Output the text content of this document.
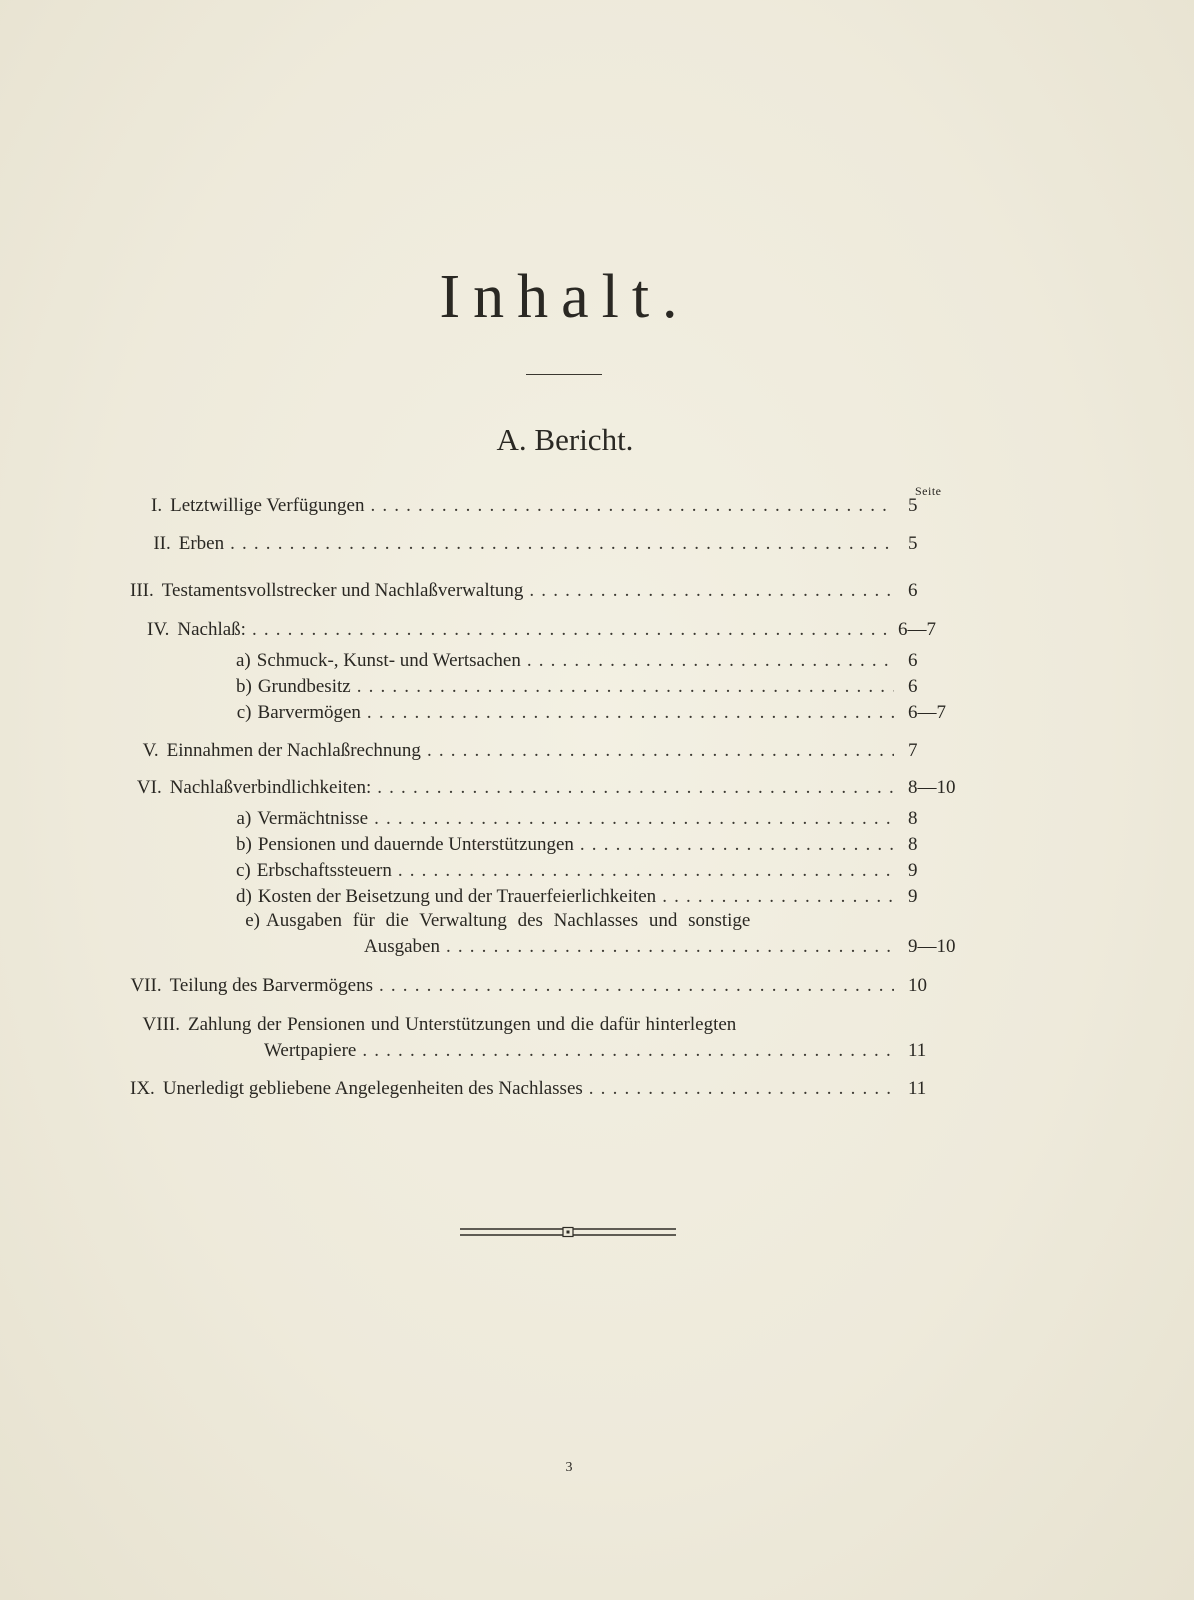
Inhalt.
A. Bericht.
Seite
I. Letztwillige Verfügungen . . .	5
II. Erben . . .	5
III. Testamentsvollstrecker und Nachlaßverwaltung . . .	6
IV. Nachlaß: . . .	6—7
a) Schmuck-, Kunst- und Wertsachen . . .	6
b) Grundbesitz . . .	6
c) Barvermögen . . .	6—7
V. Einnahmen der Nachlaßrechnung . . .	7
VI. Nachlaßverbindlichkeiten: . . .	8—10
a) Vermächtnisse . . .	8
b) Pensionen und dauernde Unterstützungen . . .	8
c) Erbschaftssteuern . . .	9
d) Kosten der Beisetzung und der Trauerfeierlichkeiten . . .	9
e) Ausgaben für die Verwaltung des Nachlasses und sonstige
Ausgaben . . .	9—10
VII. Teilung des Barvermögens . . .	10
VIII. Zahlung der Pensionen und Unterstützungen und die dafür hinterlegten
Wertpapiere . . .	11
IX. Unerledigt gebliebene Angelegenheiten des Nachlasses . . .	11
3
